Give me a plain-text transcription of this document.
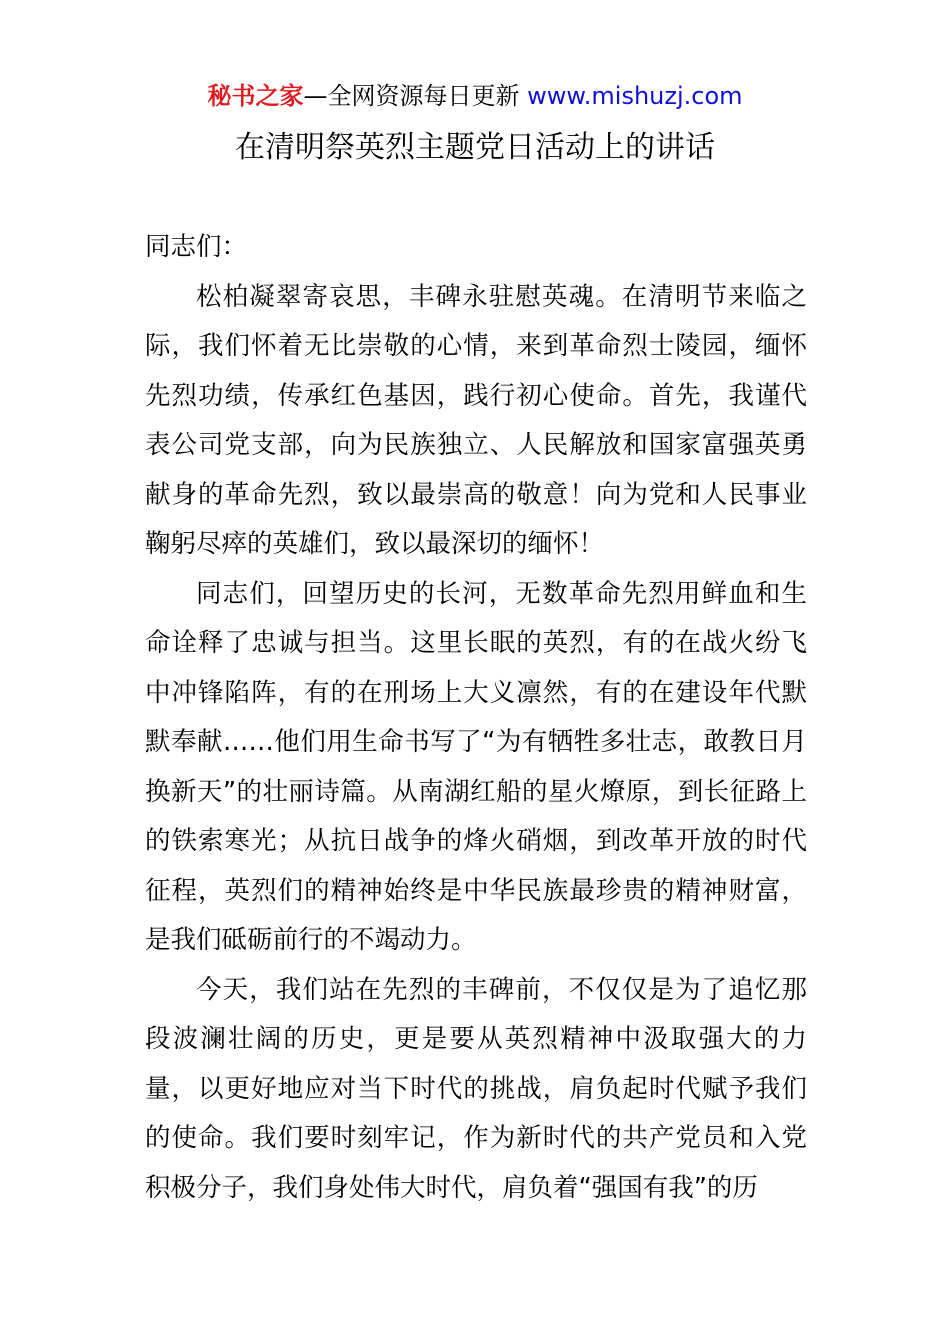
秘书之家—全网资源每日更新 www.mishuzj.com
在清明祭英烈主题党日活动上的讲话

同志们：

松柏凝翠寄哀思，丰碑永驻慰英魂。在清明节来临之际，我们怀着无比崇敬的心情，来到革命烈士陵园，缅怀先烈功绩，传承红色基因，践行初心使命。首先，我谨代表公司党支部，向为民族独立、人民解放和国家富强英勇献身的革命先烈，致以最崇高的敬意！向为党和人民事业鞠躬尽瘁的英雄们，致以最深切的缅怀！

同志们，回望历史的长河，无数革命先烈用鲜血和生命诠释了忠诚与担当。这里长眠的英烈，有的在战火纷飞中冲锋陷阵，有的在刑场上大义凛然，有的在建设年代默默奉献……他们用生命书写了“为有牺牲多壮志，敢教日月换新天”的壮丽诗篇。从南湖红船的星火燎原，到长征路上的铁索寒光；从抗日战争的烽火硝烟，到改革开放的时代征程，英烈们的精神始终是中华民族最珍贵的精神财富，是我们砥砺前行的不竭动力。

今天，我们站在先烈的丰碑前，不仅仅是为了追忆那段波澜壮阔的历史，更是要从英烈精神中汲取强大的力量，以更好地应对当下时代的挑战，肩负起时代赋予我们的使命。我们要时刻牢记，作为新时代的共产党员和入党积极分子，我们身处伟大时代，肩负着“强国有我”的历
